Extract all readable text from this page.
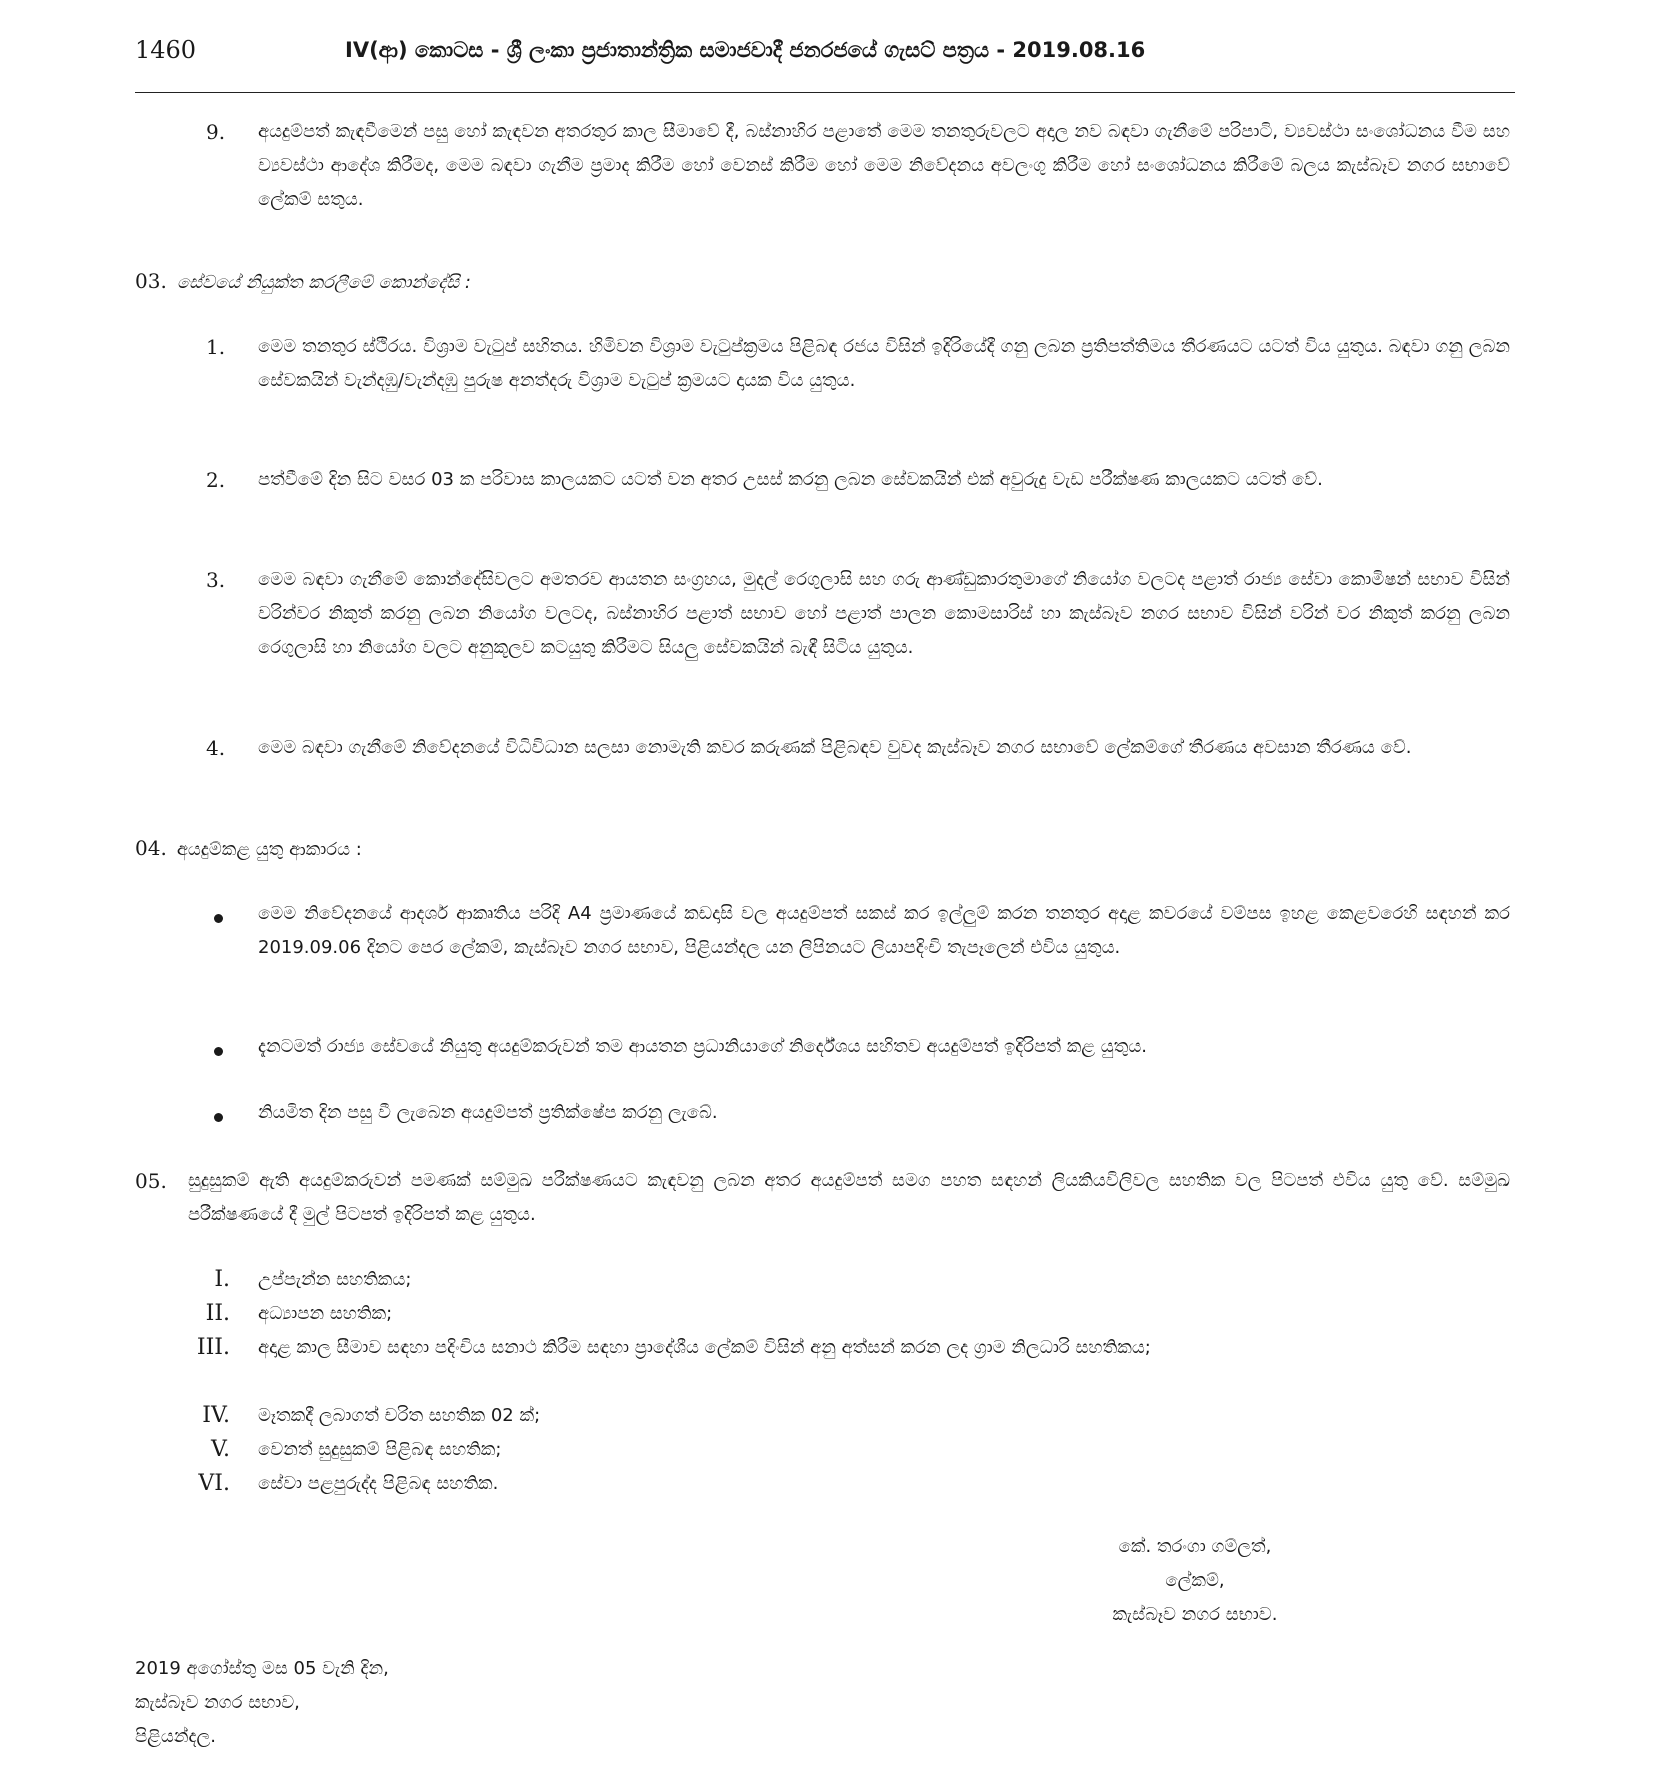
1460	IV(ආ) කොටස - ශ්‍රී ලංකා ප්‍රජාතාන්ත්‍රික සමාජවාදී ජනරජයේ ගැසට් පත්‍රය - 2019.08.16
9. අයදුම්පත් කැඳවීමෙන් පසු හෝ කැඳවන අතරතුර කාල සීමාවේ දී, බස්නාහිර පළාතේ මෙම තනතුරුවලට අදාල නව බඳවා ගැනීමේ පරිපාටි, ව්‍යවස්ථා සංශෝධනය වීම සහ ව්‍යවස්ථා ආදේශ කිරීමද, මෙම බඳවා ගැනීම ප්‍රමාද කිරීම හෝ වෙනස් කිරීම හෝ මෙම නිවේදනය අවලංගු කිරීම හෝ සංශෝධනය කිරීමේ බලය කැස්බෑව නගර සභාවේ ලේකම් සතුය.
03. සේවයේ නියුක්ත කරලීමේ කොන්දේසි :
1. මෙම තනතුර ස්ථිරය. විශ්‍රාම වැටුප් සහිතය. හිමිවන විශ්‍රාම වැටුප්ක්‍රමය පිළිබඳ රජය විසින් ඉදිරියේදී ගනු ලබන ප්‍රතිපත්තිමය තීරණයට යටත් විය යුතුය. බඳවා ගනු ලබන සේවකයින් වැන්දඹු/වැන්දඹු පුරුෂ අනත්දරු විශ්‍රාම වැටුප් ක්‍රමයට දායක විය යුතුය.
2. පත්වීමේ දින සිට වසර 03 ක පරිවාස කාලයකට යටත් වන අතර උසස් කරනු ලබන සේවකයින් එක් අවුරුදු වැඩ පරීක්ෂණ කාලයකට යටත් වේ.
3. මෙම බඳවා ගැනීමේ කොන්දේසිවලට අමතරව ආයතන සංග්‍රහය, මුදල් රෙගුලාසි සහ ගරු ආණ්ඩුකාරතුමාගේ නියෝග වලටද පළාත් රාජ්‍ය සේවා කොමිෂන් සභාව විසින් වරින්වර නිකුත් කරනු ලබන නියෝග වලටද, බස්නාහිර පළාත් සභාව හෝ පළාත් පාලන කොමසාරිස් හා කැස්බෑව නගර සභාව විසින් වරින් වර නිකුත් කරනු ලබන රෙගුලාසි හා නියෝග වලට අනුකූලව කටයුතු කිරීමට සියලු සේවකයින් බැඳී සිටිය යුතුය.
4. මෙම බඳවා ගැනීමේ නිවේදනයේ විධිවිධාන සලසා නොමැති කවර කරුණක් පිළිබඳව වුවද කැස්බෑව නගර සභාවේ ලේකම්ගේ තීරණය අවසාන තීරණය වේ.
04. අයදුම්කළ යුතු ආකාරය :
මෙම නිවේදනයේ ආදර්ශ ආකෘතිය පරිදි A4 ප්‍රමාණයේ කඩදාසි වල අයදුම්පත් සකස් කර ඉල්ලුම් කරන තනතුර අදාළ කවරයේ වම්පස ඉහළ කෙළවරෙහි සඳහන් කර 2019.09.06 දිනට පෙර ලේකම්, කැස්බෑව නගර සභාව, පිළියන්දල යන ලිපිනයට ලියාපදිංචි තැපෑලෙන් එවිය යුතුය.
දැනටමත් රාජ්‍ය සේවයේ නියුතු අයදුම්කරුවන් තම ආයතන ප්‍රධානියාගේ නිර්දේශය සහිතව අයදුම්පත් ඉදිරිපත් කළ යුතුය.
නියමිත දින පසු වී ලැබෙන අයදුම්පත් ප්‍රතික්ෂේප කරනු ලැබේ.
05. සුදුසුකම් ඇති අයදුම්කරුවන් පමණක් සම්මුඛ පරීක්ෂණයට කැඳවනු ලබන අතර අයදුම්පත් සමග පහත සඳහන් ලියකියවිලිවල සහතික වල පිටපත් එවිය යුතු වේ. සම්මුඛ පරීක්ෂණයේ දී මුල් පිටපත් ඉදිරිපත් කළ යුතුය.
I. උප්පැන්න සහතිකය;
II. අධ්‍යාපන සහතික;
III. අදාළ කාල සීමාව සඳහා පදිංචිය සනාථ කිරීම සඳහා ප්‍රාදේශීය ලේකම් විසින් අනු අත්සන් කරන ලද ග්‍රාම නිලධාරි සහතිකය;
IV. මෑතකදී ලබාගත් චරිත සහතික 02 ක්;
V. වෙනත් සුදුසුකම් පිළිබඳ සහතික;
VI. සේවා පළපුරුද්ද පිළිබඳ සහතික.
කේ. තරංගා ගම්ලත්,
ලේකම්,
කැස්බෑව නගර සභාව.
2019 අගෝස්තු මස 05 වැනි දින,
කැස්බෑව නගර සභාව,
පිළියන්දල.
